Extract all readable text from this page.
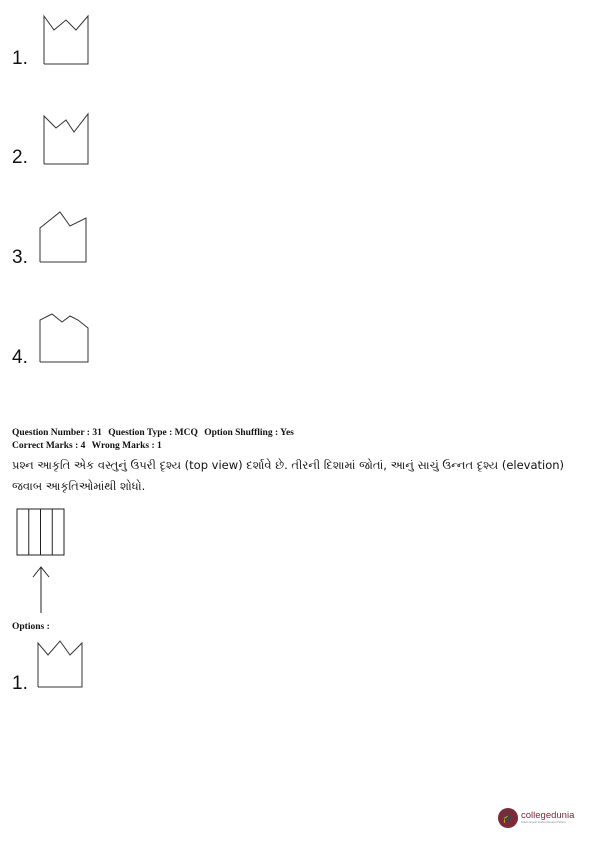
1.
2.
3.
4.
Question Number : 31 Question Type : MCQ Option Shuffling : Yes
Correct Marks : 4 Wrong Marks : 1
પ્રશ્ન આકૃતિ એક વસ્તુનું ઉપરી દૃશ્ય (top view) દર્શાવે છે. તીરની દિશામાં જોતાં, આનું સાચું ઉન્નત દૃશ્ય (elevation)
જવાબ આકૃતિઓમાંથી શોધો.
Options :
1.
🎓 collegedunia
India's largest Student Review Platform
